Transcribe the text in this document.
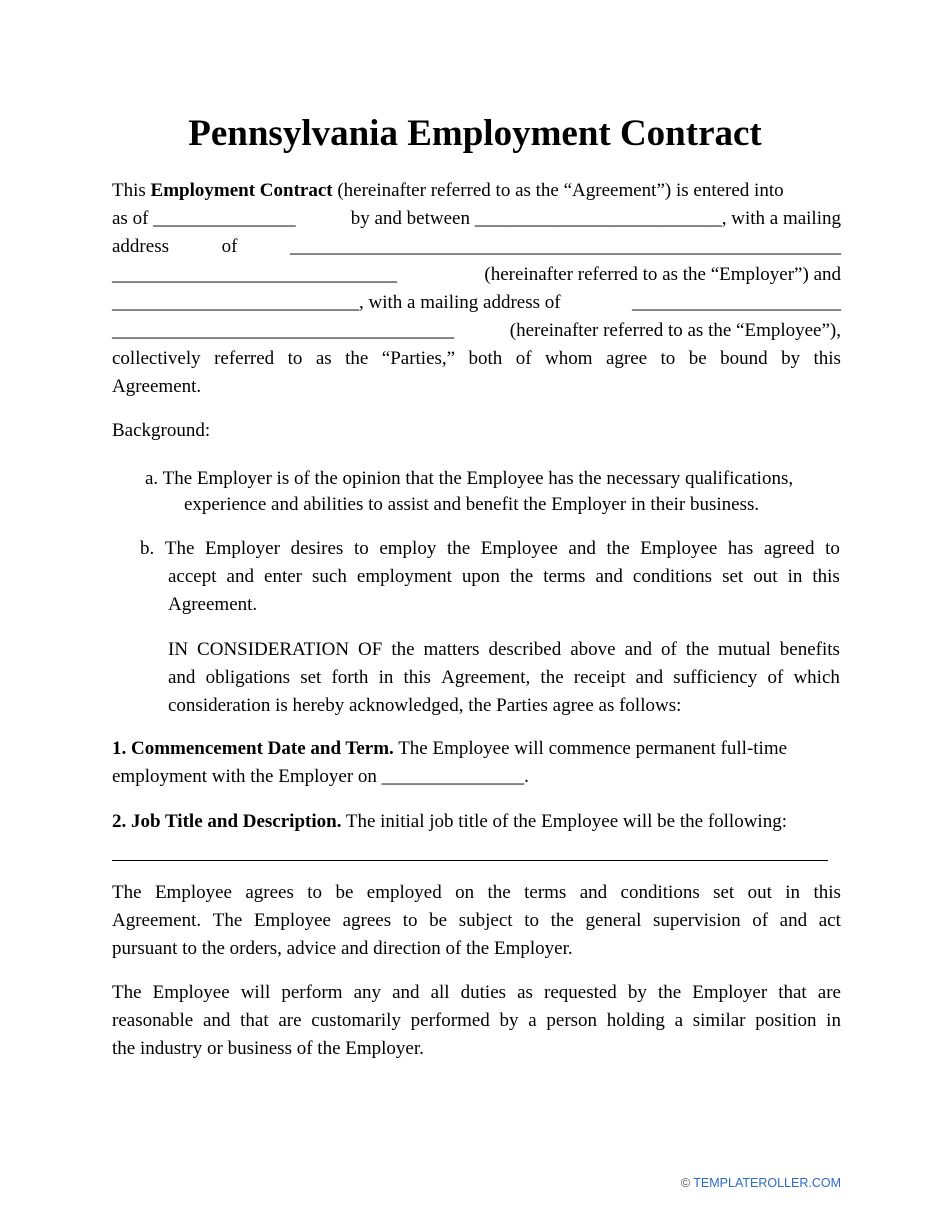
Pennsylvania Employment Contract
This Employment Contract (hereinafter referred to as the “Agreement”) is entered into
as of _______________	by and between __________________________, with a mailing
address	of	__________________________________________________________
______________________________	(hereinafter referred to as the “Employer”) and
__________________________, with a mailing address of	______________________
____________________________________	(hereinafter referred to as the “Employee”),
collectively referred to as the “Parties,” both of whom agree to be bound by this
Agreement.
Background:
a. The Employer is of the opinion that the Employee has the necessary qualifications,
experience and abilities to assist and benefit the Employer in their business.
b. The Employer desires to employ the Employee and the Employee has agreed to
accept and enter such employment upon the terms and conditions set out in this
Agreement.
IN CONSIDERATION OF the matters described above and of the mutual benefits
and obligations set forth in this Agreement, the receipt and sufficiency of which
consideration is hereby acknowledged, the Parties agree as follows:
1. Commencement Date and Term. The Employee will commence permanent full-time
employment with the Employer on _______________.
2. Job Title and Description. The initial job title of the Employee will be the following:
The Employee agrees to be employed on the terms and conditions set out in this
Agreement. The Employee agrees to be subject to the general supervision of and act
pursuant to the orders, advice and direction of the Employer.
The Employee will perform any and all duties as requested by the Employer that are
reasonable and that are customarily performed by a person holding a similar position in
the industry or business of the Employer.
© TEMPLATEROLLER.COM
